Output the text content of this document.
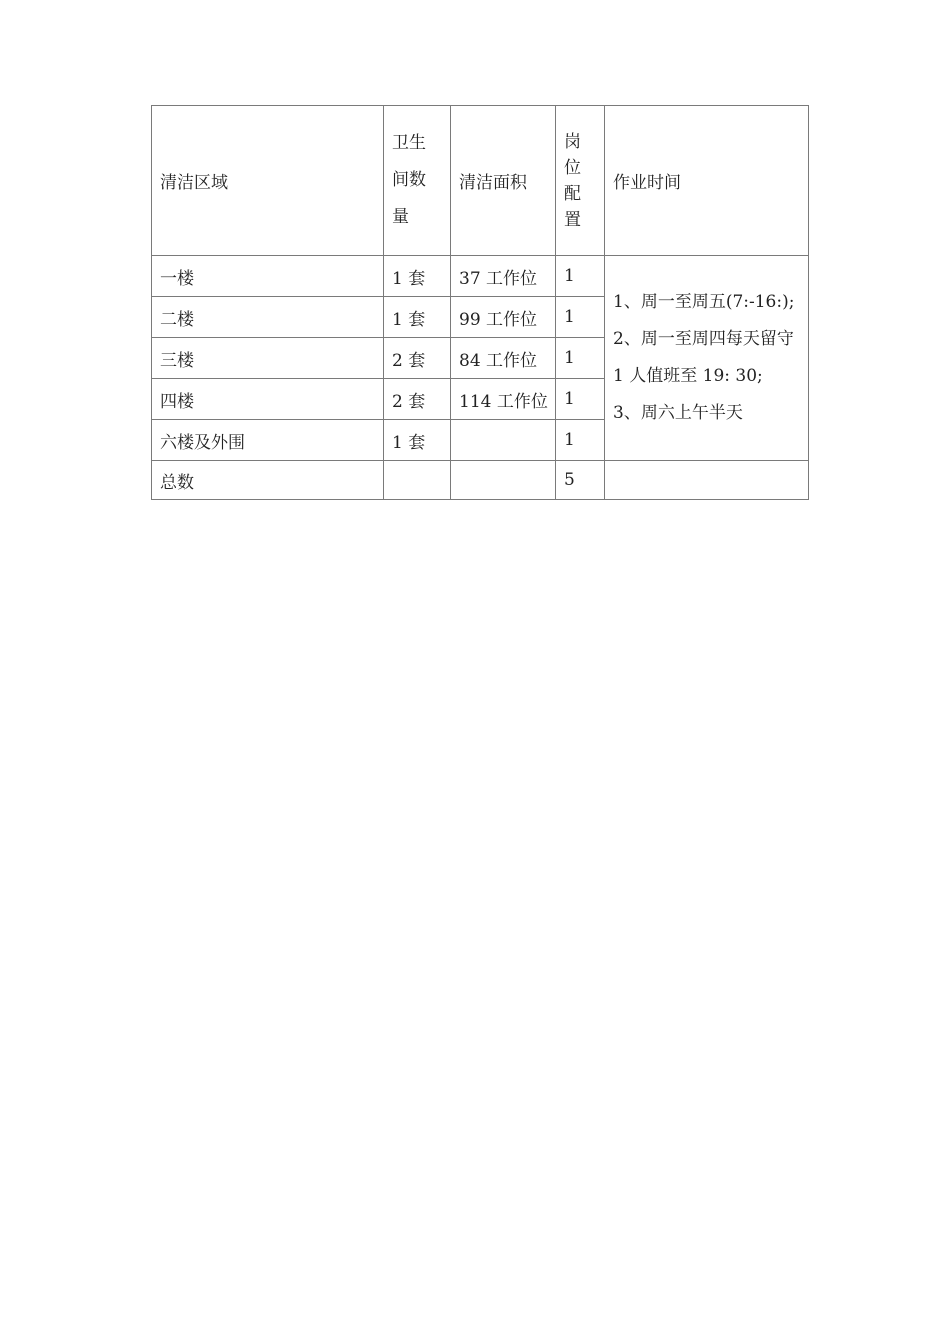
清洁区域	卫生间数量	清洁面积	岗位配置	作业时间
一楼	1 套	37 工作位	1	1、周一至周五(7:-16:);
2、周一至周四每天留守 1 人值班至 19: 30;
3、周六上午半天

二楼	1 套	99 工作位	1	
三楼	2 套	84 工作位	1	
四楼	2 套	114 工作位	1	
六楼及外围	1 套		1	
总数			5	
